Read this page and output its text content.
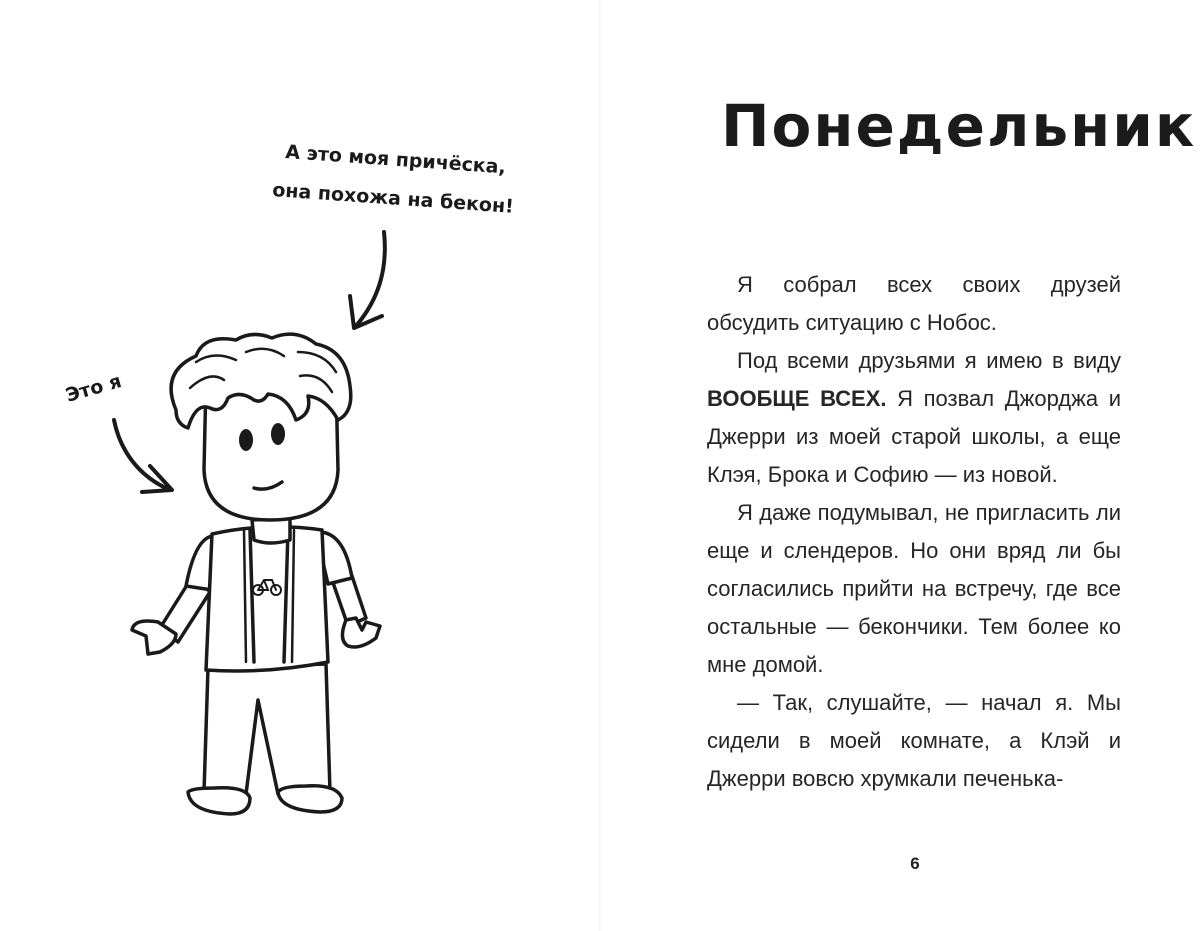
А это моя причёска,
она похожа на бекон!
Это я
Понедельник

Я собрал всех своих друзей обсудить ситуацию с Нобос.

Под всеми друзьями я имею в виду ВООБЩЕ ВСЕХ. Я позвал Джорджа и Джерри из моей старой школы, а еще Клэя, Брока и Софию — из новой.

Я даже подумывал, не пригласить ли еще и слендеров. Но они вряд ли бы согласились прийти на встречу, где все остальные — бекончики. Тем более ко мне домой.

— Так, слушайте, — начал я. Мы сидели в моей комнате, а Клэй и Джерри вовсю хрумкали печенька-

6
